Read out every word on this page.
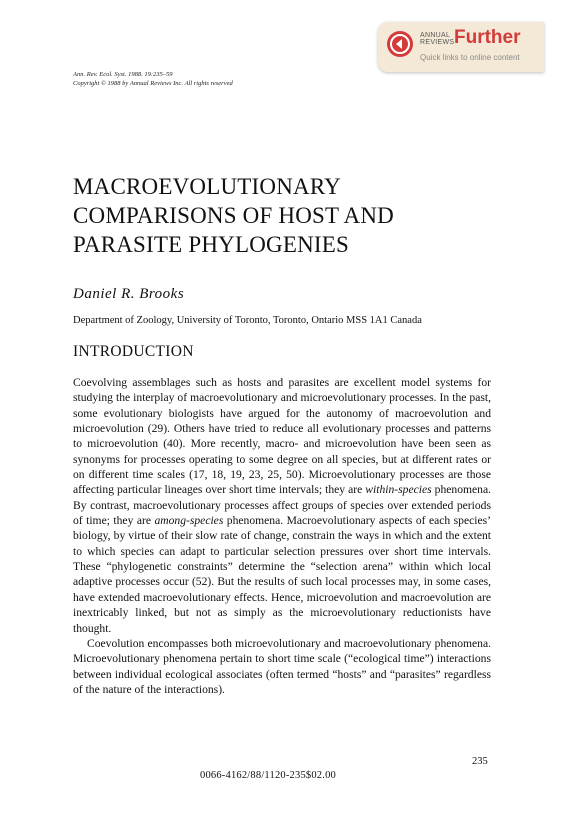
Ann. Rev. Ecol. Syst. 1988. 19:235–59
Copyright © 1988 by Annual Reviews Inc. All rights reserved
ANNUAL
REVIEWS Further
Quick links to online content
MACROEVOLUTIONARY
COMPARISONS OF HOST AND
PARASITE PHYLOGENIES
Daniel R. Brooks
Department of Zoology, University of Toronto, Toronto, Ontario MSS 1A1 Canada
INTRODUCTION

Coevolving assemblages such as hosts and parasites are excellent model systems for studying the interplay of macroevolutionary and microevolutionary processes. In the past, some evolutionary biologists have argued for the autonomy of macroevolution and microevolution (29). Others have tried to reduce all evolutionary processes and patterns to microevolution (40). More recently, macro- and microevolution have been seen as synonyms for processes operating to some degree on all species, but at different rates or on different time scales (17, 18, 19, 23, 25, 50). Microevolutionary processes are those affecting particular lineages over short time intervals; they are within-species phenomena. By contrast, macroevolutionary processes affect groups of species over extended periods of time; they are among-species phenomena. Macroevolutionary aspects of each species’ biology, by virtue of their slow rate of change, constrain the ways in which and the extent to which species can adapt to particular selection pressures over short time intervals. These “phylogenetic constraints” determine the “selection arena” within which local adaptive processes occur (52). But the results of such local processes may, in some cases, have extended macroevolutionary effects. Hence, microevolution and macroevolution are inextricably linked, but not as simply as the microevolutionary reductionists have thought.

Coevolution encompasses both microevolutionary and macroevolutionary phenomena. Microevolutionary phenomena pertain to short time scale (“ecological time”) interactions between individual ecological associates (often termed “hosts” and “parasites” regardless of the nature of the interactions).

235
0066-4162/88/1120-235$02.00
